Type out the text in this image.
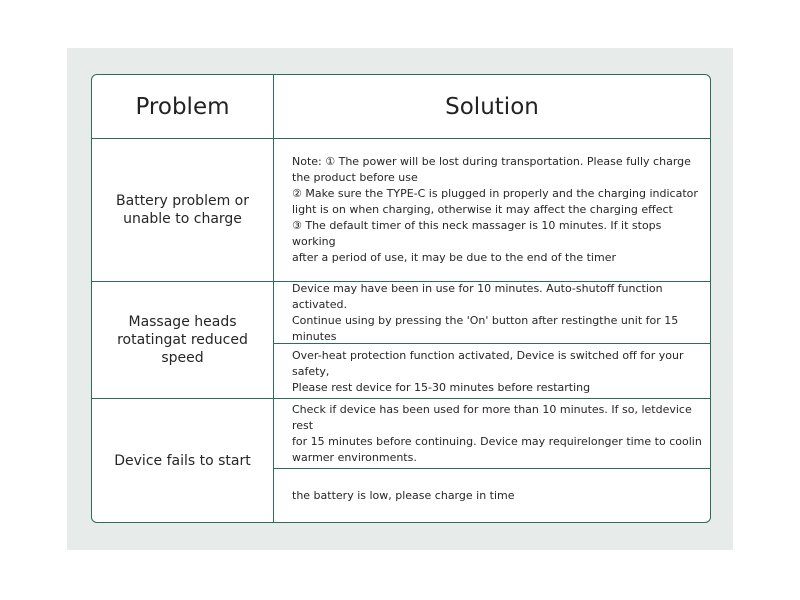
Problem	Solution
Battery problem or unable to charge
Note: ① The power will be lost during transportation. Please fully charge
the product before use
② Make sure the TYPE-C is plugged in properly and the charging indicator
light is on when charging, otherwise it may affect the charging effect
③ The default timer of this neck massager is 10 minutes. If it stops working
after a period of use, it may be due to the end of the timer
Massage heads rotatingat reduced speed
Device may have been in use for 10 minutes. Auto-shutoff function activated.
Continue using by pressing the 'On' button after restingthe unit for 15 minutes
Over-heat protection function activated, Device is switched off for your safety,
Please rest device for 15-30 minutes before restarting
Device fails to start
Check if device has been used for more than 10 minutes. If so, letdevice rest
for 15 minutes before continuing. Device may requirelonger time to coolin
warmer environments.
the battery is low, please charge in time
